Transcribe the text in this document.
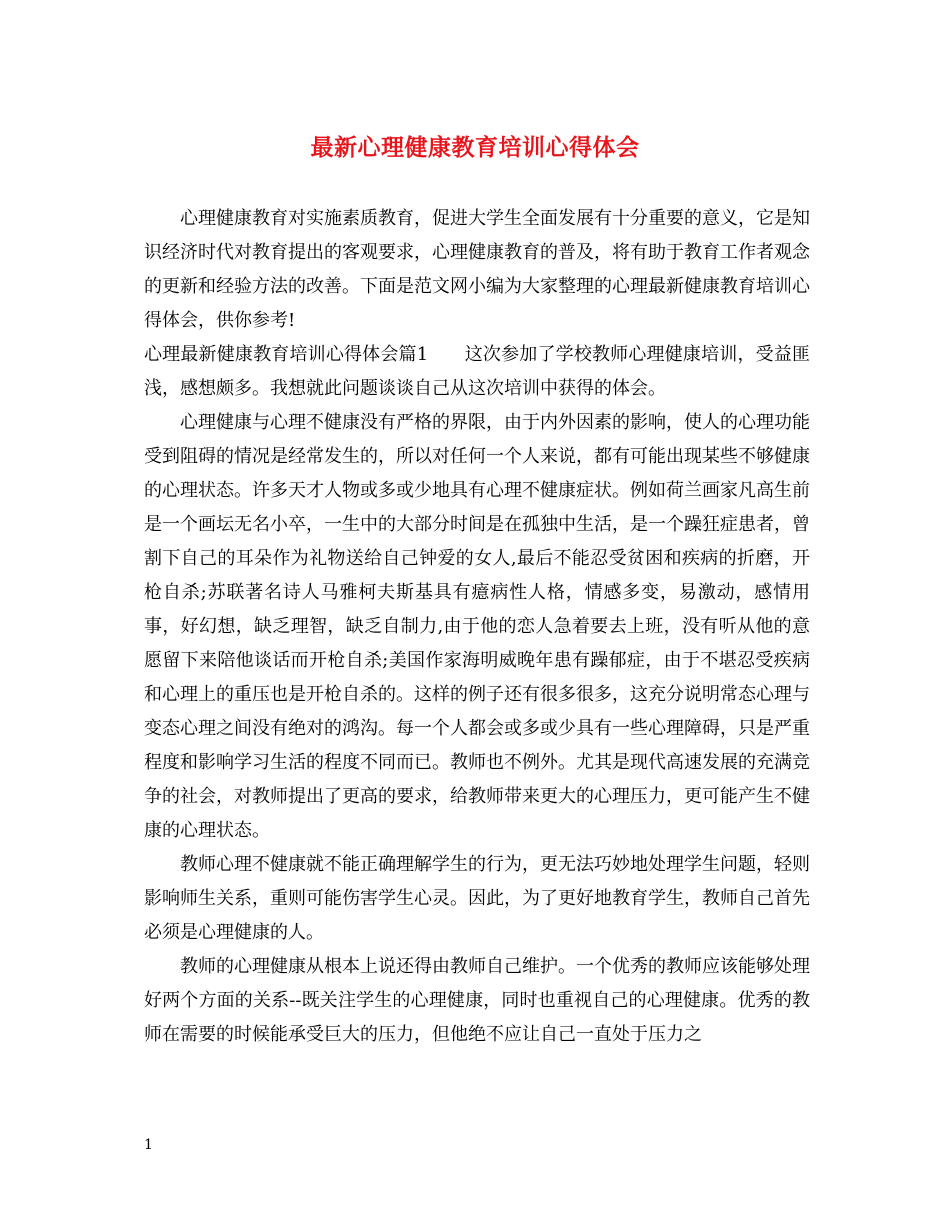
最新心理健康教育培训心得体会

心理健康教育对实施素质教育，促进大学生全面发展有十分重要的意义，它是知识经济时代对教育提出的客观要求，心理健康教育的普及，将有助于教育工作者观念的更新和经验方法的改善。下面是范文网小编为大家整理的心理最新健康教育培训心得体会，供你参考!

心理最新健康教育培训心得体会篇1　　这次参加了学校教师心理健康培训，受益匪浅，感想颇多。我想就此问题谈谈自己从这次培训中获得的体会。

心理健康与心理不健康没有严格的界限，由于内外因素的影响，使人的心理功能受到阻碍的情况是经常发生的，所以对任何一个人来说，都有可能出现某些不够健康的心理状态。许多天才人物或多或少地具有心理不健康症状。例如荷兰画家凡高生前是一个画坛无名小卒，一生中的大部分时间是在孤独中生活，是一个躁狂症患者，曾割下自己的耳朵作为礼物送给自己钟爱的女人,最后不能忍受贫困和疾病的折磨，开枪自杀;苏联著名诗人马雅柯夫斯基具有癔病性人格，情感多变，易激动，感情用事，好幻想，缺乏理智，缺乏自制力,由于他的恋人急着要去上班，没有听从他的意愿留下来陪他谈话而开枪自杀;美国作家海明威晚年患有躁郁症，由于不堪忍受疾病和心理上的重压也是开枪自杀的。这样的例子还有很多很多，这充分说明常态心理与变态心理之间没有绝对的鸿沟。每一个人都会或多或少具有一些心理障碍，只是严重程度和影响学习生活的程度不同而已。教师也不例外。尤其是现代高速发展的充满竞争的社会，对教师提出了更高的要求，给教师带来更大的心理压力，更可能产生不健康的心理状态。

教师心理不健康就不能正确理解学生的行为，更无法巧妙地处理学生问题，轻则影响师生关系，重则可能伤害学生心灵。因此，为了更好地教育学生，教师自己首先必须是心理健康的人。

教师的心理健康从根本上说还得由教师自己维护。一个优秀的教师应该能够处理好两个方面的关系--既关注学生的心理健康，同时也重视自己的心理健康。优秀的教师在需要的时候能承受巨大的压力，但他绝不应让自己一直处于压力之

1
